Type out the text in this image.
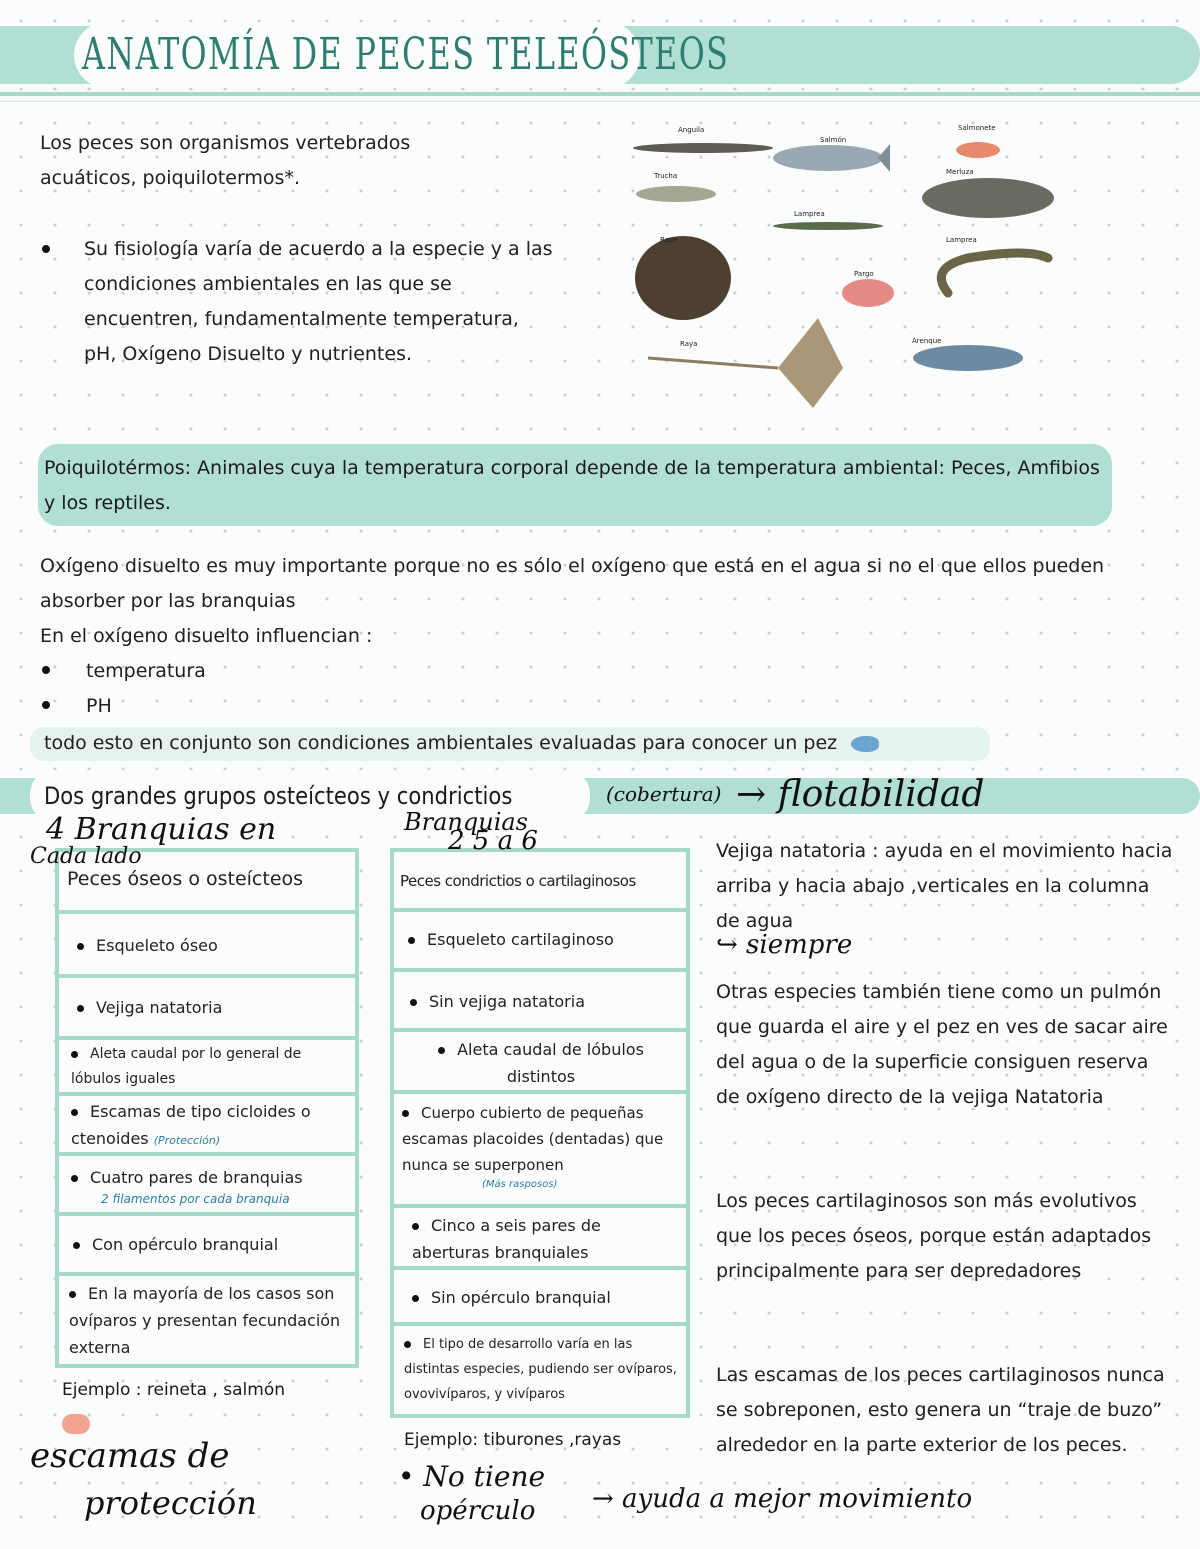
ANATOMÍA DE PECES TELEÓSTEOS
Los peces son organismos vertebrados acuáticos, poiquilotermos*.
Su fisiología varía de acuerdo a la especie y a las condiciones ambientales en las que se encuentren, fundamentalmente temperatura, pH, Oxígeno Disuelto y nutrientes.
Anguila
Salmón
Salmonete
Trucha	Merluza
Lamprea
Rape	Lamprea
Pargo
Raya	Arenque
Poiquilotérmos: Animales cuya la temperatura corporal depende de la temperatura ambiental: Peces, Amfibios y los reptiles.
Oxígeno disuelto es muy importante porque no es sólo el oxígeno que está en el agua si no el que ellos pueden absorber por las branquias
En el oxígeno disuelto influencian :
temperatura
PH
todo esto en conjunto son condiciones ambientales evaluadas para conocer un pez
Dos grandes grupos osteícteos y condrictios
Peces óseos o osteícteos
Esqueleto óseo
Vejiga natatoria
Aleta caudal por lo general de lóbulos iguales
Escamas de tipo cicloides o ctenoides (Protección)
Cuatro pares de branquias
2 filamentos por cada branquia
Con opérculo branquial
En la mayoría de los casos son ovíparos y presentan fecundación externa
Ejemplo : reineta , salmón
Peces condrictios o cartilaginosos
Esqueleto cartilaginoso
Sin vejiga natatoria
Aleta caudal de lóbulos distintos
Cuerpo cubierto de pequeñas escamas placoides (dentadas) que nunca se superponen
(Más rasposos)
Cinco a seis pares de aberturas branquiales
Sin opérculo branquial
El tipo de desarrollo varía en las distintas especies, pudiendo ser ovíparos, ovovivíparos, y vivíparos
Ejemplo: tiburones ,rayas
Vejiga natatoria : ayuda en el movimiento hacia arriba y hacia abajo ,verticales en la columna de agua
Otras especies también tiene como un pulmón que guarda el aire y el pez en ves de sacar aire del agua o de la superficie consiguen reserva de oxígeno directo de la vejiga Natatoria
Los peces cartilaginosos son más evolutivos que los peces óseos, porque están adaptados principalmente para ser depredadores
Las escamas de los peces cartilaginosos nunca se sobreponen, esto genera un “traje de buzo” alrededor en la parte exterior de los peces.
4 Branquias en
Cada lado
Branquias
2 5 a 6
(cobertura) → flotabilidad
↪ siempre
escamas de
protección
• No tiene
opérculo → ayuda a mejor movimiento
